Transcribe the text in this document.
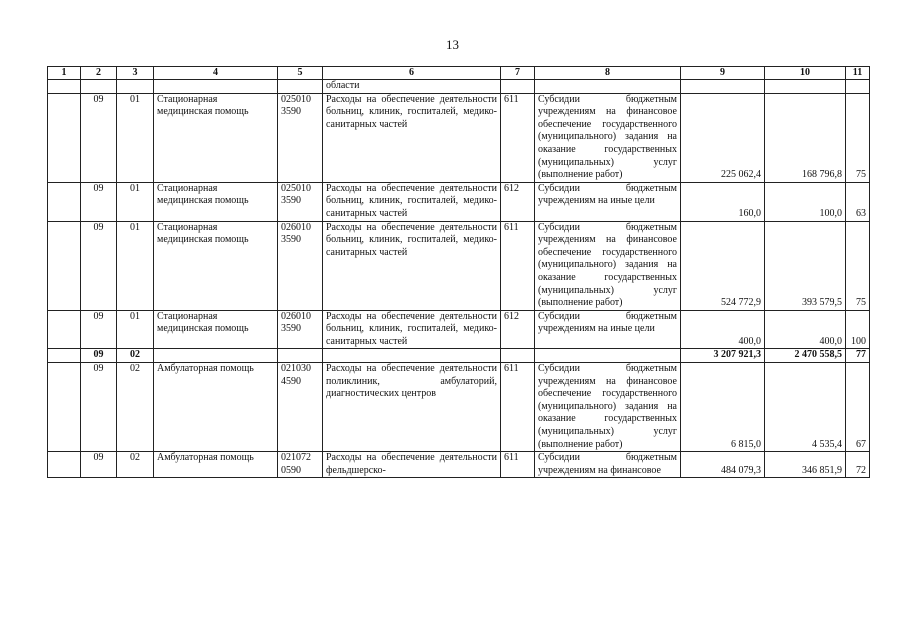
13
1	2	3	4	5	6	7	8	9	10	11
					области					
	09	01	Стационарная медицинская помощь	025010 3590	Расходы на обеспечение деятельности больниц, клиник, госпиталей, медико-санитарных частей	611	Субсидии бюджетным учреждениям на финансовое обеспечение государственного (муниципального) задания на оказание государственных (муниципальных) услуг (выполнение работ)	225 062,4	168 796,8	75
	09	01	Стационарная медицинская помощь	025010 3590	Расходы на обеспечение деятельности больниц, клиник, госпиталей, медико-санитарных частей	612	Субсидии бюджетным учреждениям на иные цели	160,0	100,0	63
	09	01	Стационарная медицинская помощь	026010 3590	Расходы на обеспечение деятельности больниц, клиник, госпиталей, медико-санитарных частей	611	Субсидии бюджетным учреждениям на финансовое обеспечение государственного (муниципального) задания на оказание государственных (муниципальных) услуг (выполнение работ)	524 772,9	393 579,5	75
	09	01	Стационарная медицинская помощь	026010 3590	Расходы на обеспечение деятельности больниц, клиник, госпиталей, медико-санитарных частей	612	Субсидии бюджетным учреждениям на иные цели	400,0	400,0	100
	09	02						3 207 921,3	2 470 558,5	77
	09	02	Амбулаторная помощь	021030 4590	Расходы на обеспечение деятельности поликлиник, амбулаторий, диагностических центров	611	Субсидии бюджетным учреждениям на финансовое обеспечение государственного (муниципального) задания на оказание государственных (муниципальных) услуг (выполнение работ)	6 815,0	4 535,4	67
	09	02	Амбулаторная помощь	021072 0590	Расходы на обеспечение деятельности фельдшерско-	611	Субсидии бюджетным учреждениям на финансовое	484 079,3	346 851,9	72
